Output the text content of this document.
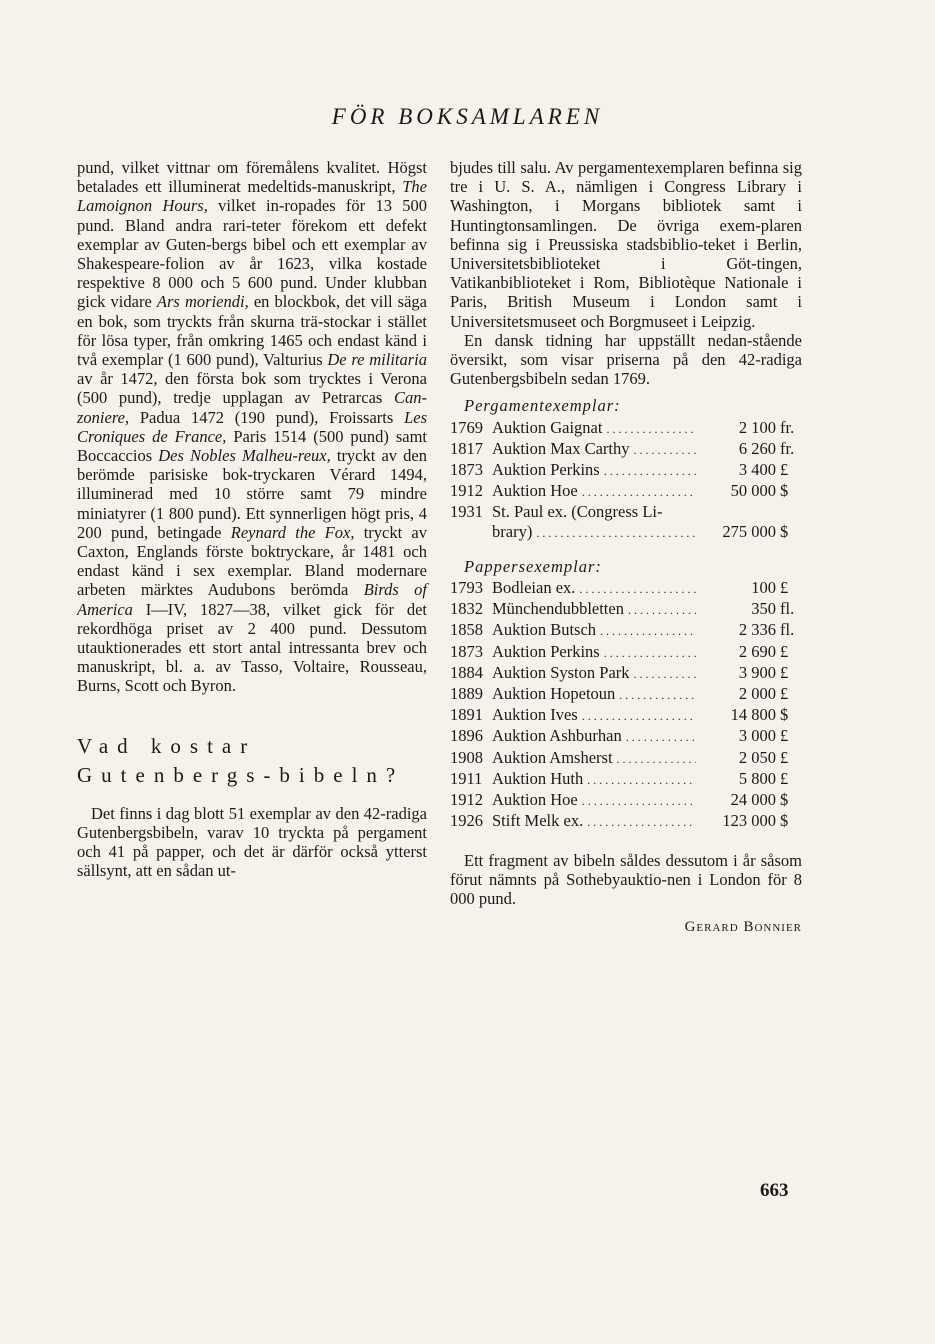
FÖR BOKSAMLAREN

pund, vilket vittnar om föremålens kvalitet. Högst betalades ett illuminerat medeltids-manuskript, The Lamoignon Hours, vilket in-ropades för 13 500 pund. Bland andra rari-teter förekom ett defekt exemplar av Guten-bergs bibel och ett exemplar av Shakespeare-folion av år 1623, vilka kostade respektive 8 000 och 5 600 pund. Under klubban gick vidare Ars moriendi, en blockbok, det vill säga en bok, som tryckts från skurna trä-stockar i stället för lösa typer, från omkring 1465 och endast känd i två exemplar (1 600 pund), Valturius De re militaria av år 1472, den första bok som trycktes i Verona (500 pund), tredje upplagan av Petrarcas Can-zoniere, Padua 1472 (190 pund), Froissarts Les Croniques de France, Paris 1514 (500 pund) samt Boccaccios Des Nobles Malheu-reux, tryckt av den berömde parisiske bok-tryckaren Vérard 1494, illuminerad med 10 större samt 79 mindre miniatyrer (1 800 pund). Ett synnerligen högt pris, 4 200 pund, betingade Reynard the Fox, tryckt av Caxton, Englands förste boktryckare, år 1481 och endast känd i sex exemplar. Bland modernare arbeten märktes Audubons berömda Birds of America I—IV, 1827—38, vilket gick för det rekordhöga priset av 2 400 pund. Dessutom utauktionerades ett stort antal intressanta brev och manuskript, bl. a. av Tasso, Voltaire, Rousseau, Burns, Scott och Byron.

Vad kostar Gutenbergs-bibeln?

Det finns i dag blott 51 exemplar av den 42-radiga Gutenbergsbibeln, varav 10 tryckta på pergament och 41 på papper, och det är därför också ytterst sällsynt, att en sådan ut-

bjudes till salu. Av pergamentexemplaren befinna sig tre i U. S. A., nämligen i Congress Library i Washington, i Morgans bibliotek samt i Huntingtonsamlingen. De övriga exem-plaren befinna sig i Preussiska stadsbiblio-teket i Berlin, Universitetsbiblioteket i Göt-tingen, Vatikanbiblioteket i Rom, Bibliotèque Nationale i Paris, British Museum i London samt i Universitetsmuseet och Borgmuseet i Leipzig.

En dansk tidning har uppställt nedan-stående översikt, som visar priserna på den 42-radiga Gutenbergsbibeln sedan 1769.

Pergamentexemplar:
1769 Auktion Gaignat . . .	2 100 fr.
1817 Auktion Max Carthy . . .	6 260 fr.
1873 Auktion Perkins . . .	3 400 £
1912 Auktion Hoe . . .	50 000 $
1931 St. Paul ex. (Congress Li-
brary) . . .	275 000 $
Pappersexemplar:
1793 Bodleian ex. . . .	100 £
1832 Münchendubbletten . . .	350 fl.
1858 Auktion Butsch . . .	2 336 fl.
1873 Auktion Perkins . . .	2 690 £
1884 Auktion Syston Park . . .	3 900 £
1889 Auktion Hopetoun . . .	2 000 £
1891 Auktion Ives . . .	14 800 $
1896 Auktion Ashburhan . . .	3 000 £
1908 Auktion Amsherst . . .	2 050 £
1911 Auktion Huth . . .	5 800 £
1912 Auktion Hoe . . .	24 000 $
1926 Stift Melk ex. . . .	123 000 $

Ett fragment av bibeln såldes dessutom i år såsom förut nämnts på Sothebyauktio-nen i London för 8 000 pund.

Gerard Bonnier
663
